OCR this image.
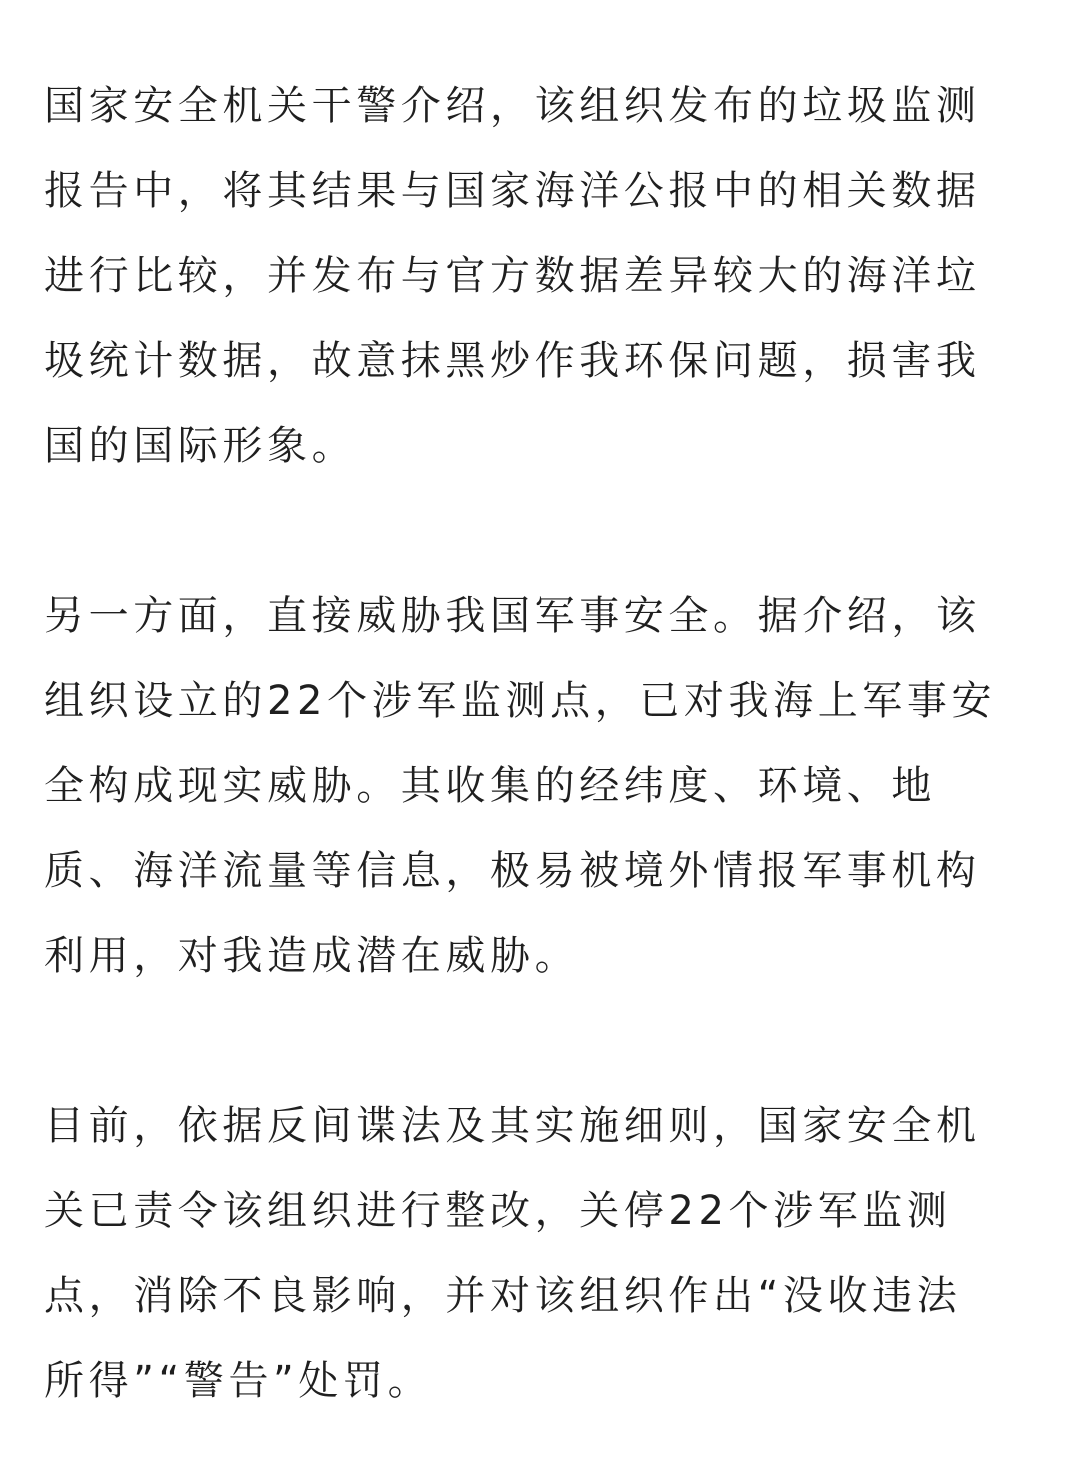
国家安全机关干警介绍，该组织发布的垃圾监测
报告中，将其结果与国家海洋公报中的相关数据
进行比较，并发布与官方数据差异较大的海洋垃
圾统计数据，故意抹黑炒作我环保问题，损害我
国的国际形象。

另一方面，直接威胁我国军事安全。据介绍，该
组织设立的22个涉军监测点，已对我海上军事安
全构成现实威胁。其收集的经纬度、环境、地
质、海洋流量等信息，极易被境外情报军事机构
利用，对我造成潜在威胁。

目前，依据反间谍法及其实施细则，国家安全机
关已责令该组织进行整改，关停22个涉军监测
点，消除不良影响，并对该组织作出“没收违法
所得”“警告”处罚。
